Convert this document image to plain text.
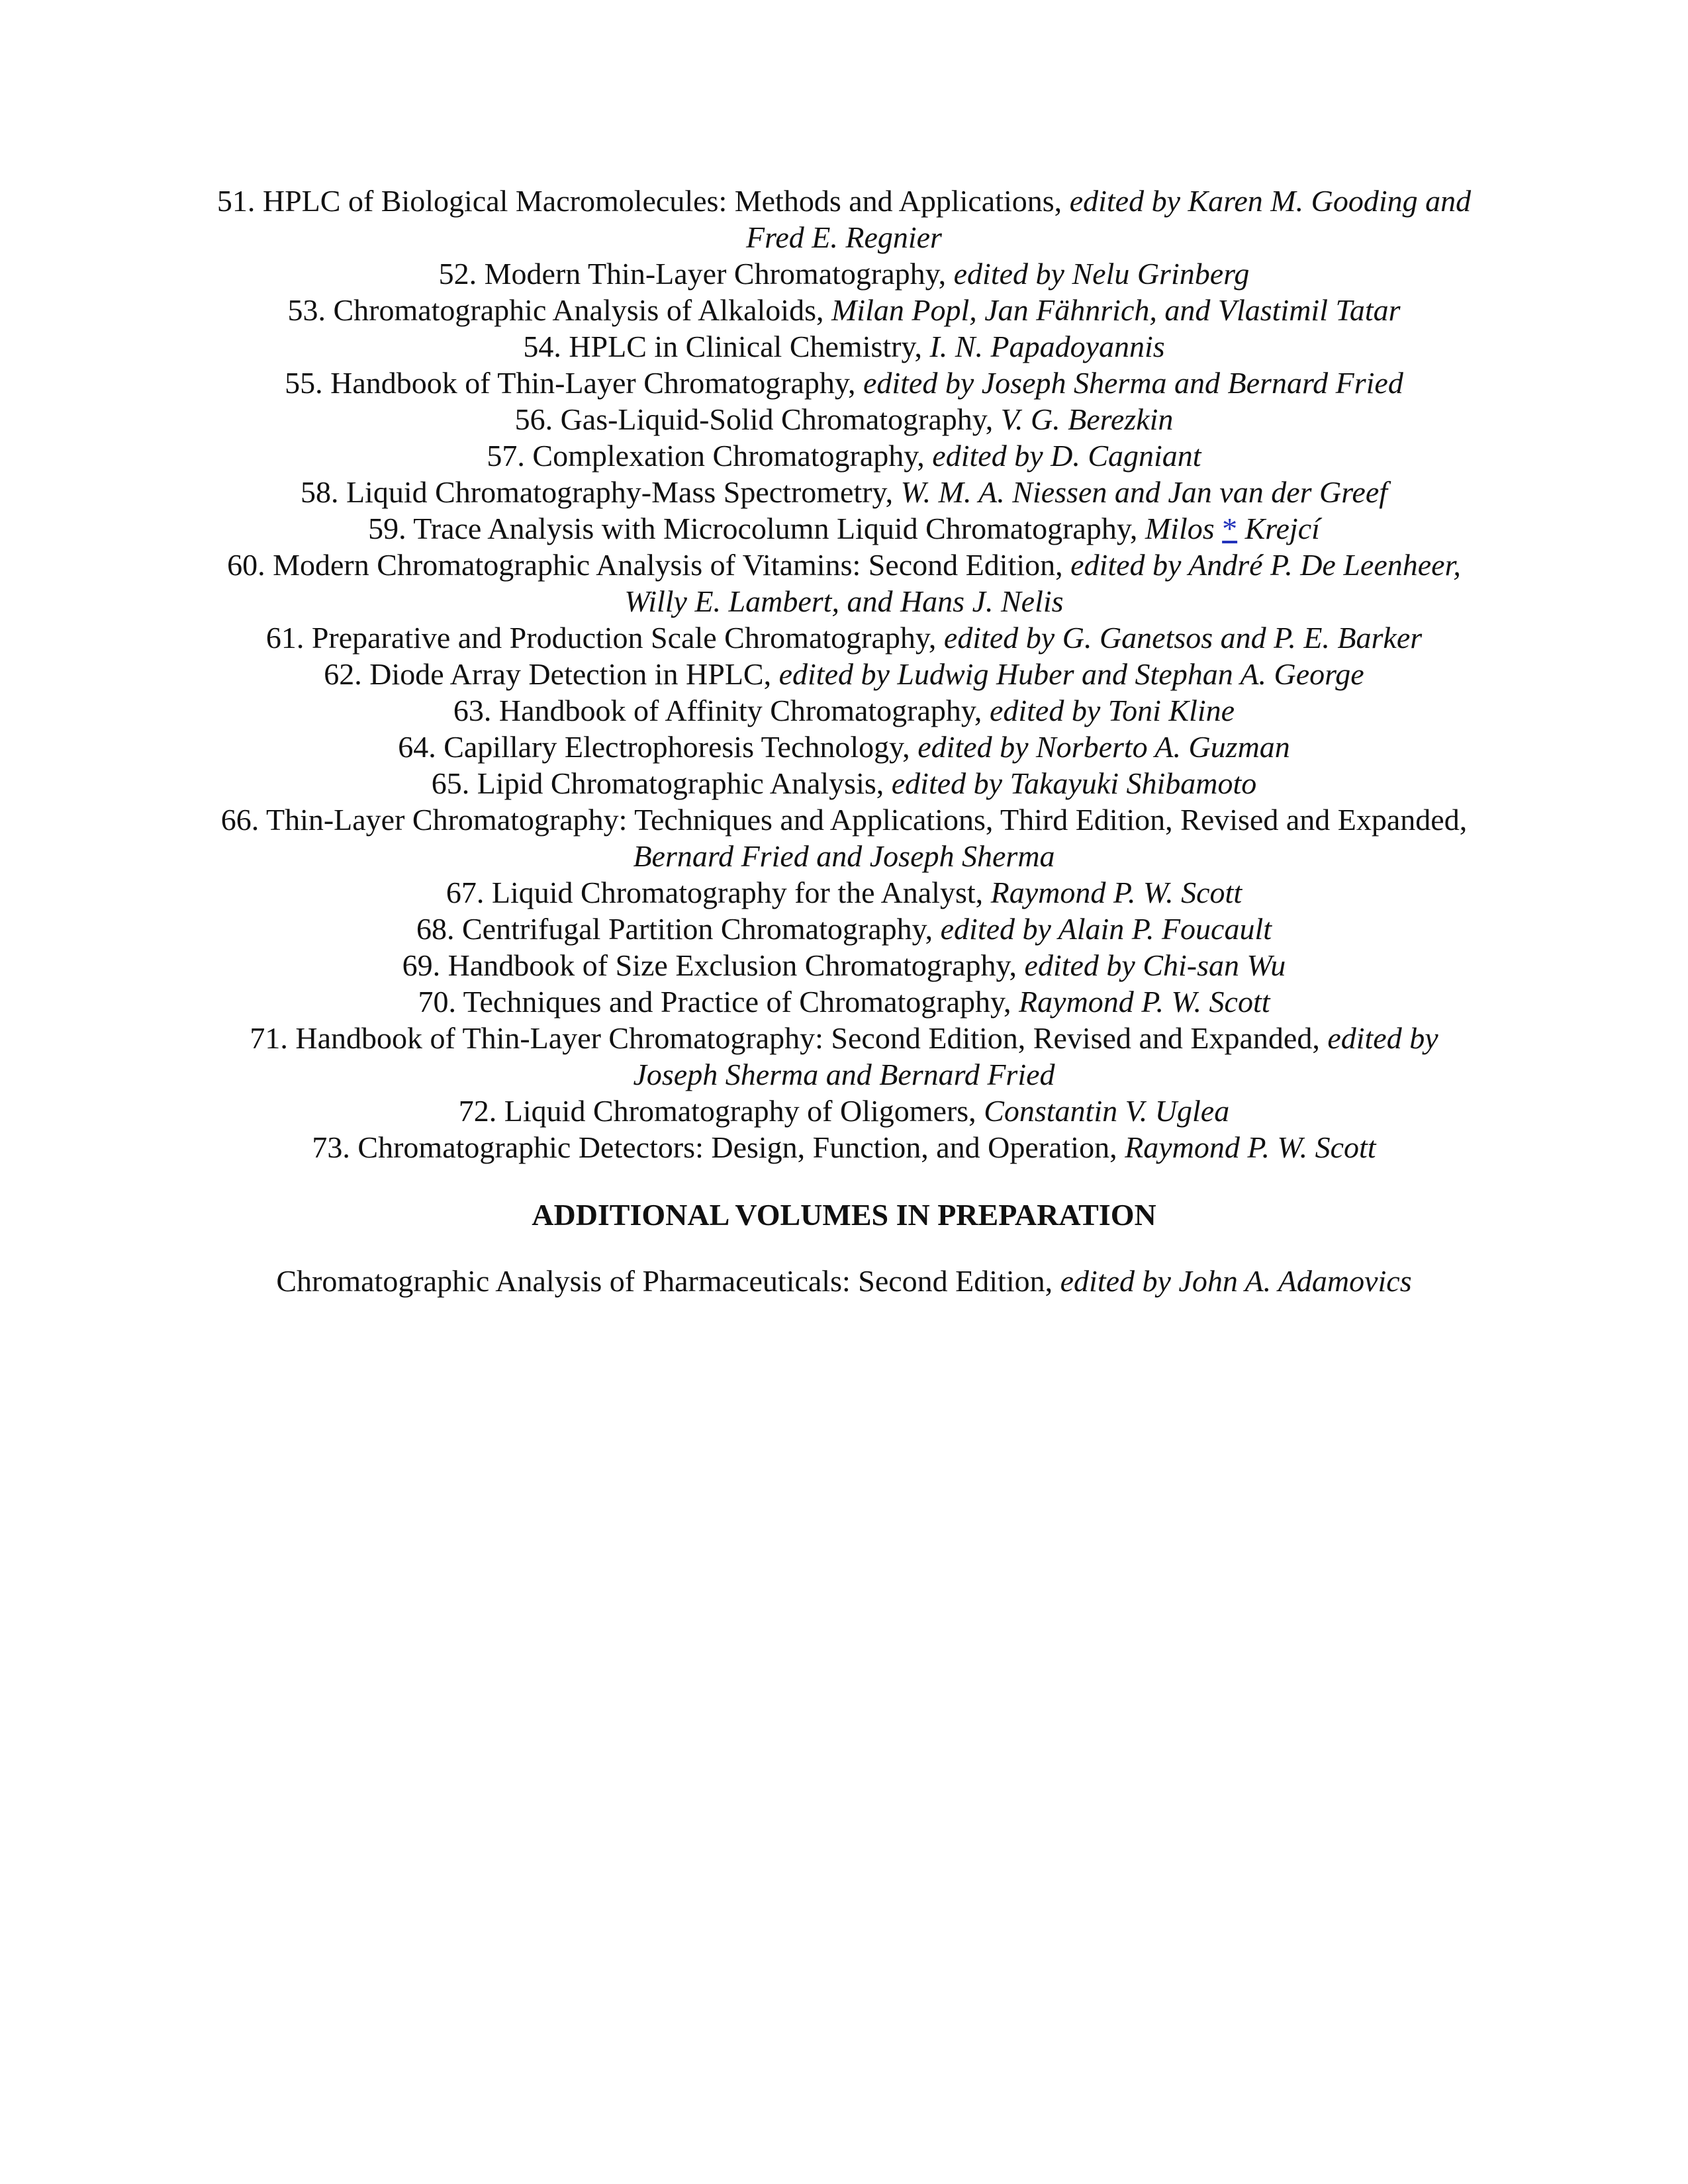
51. HPLC of Biological Macromolecules: Methods and Applications, edited by Karen M. Gooding and
Fred E. Regnier
52. Modern Thin-Layer Chromatography, edited by Nelu Grinberg
53. Chromatographic Analysis of Alkaloids, Milan Popl, Jan Fähnrich, and Vlastimil Tatar
54. HPLC in Clinical Chemistry, I. N. Papadoyannis
55. Handbook of Thin-Layer Chromatography, edited by Joseph Sherma and Bernard Fried
56. Gas-Liquid-Solid Chromatography, V. G. Berezkin
57. Complexation Chromatography, edited by D. Cagniant
58. Liquid Chromatography-Mass Spectrometry, W. M. A. Niessen and Jan van der Greef
59. Trace Analysis with Microcolumn Liquid Chromatography, Milos * Krejcí
60. Modern Chromatographic Analysis of Vitamins: Second Edition, edited by André P. De Leenheer,
Willy E. Lambert, and Hans J. Nelis
61. Preparative and Production Scale Chromatography, edited by G. Ganetsos and P. E. Barker
62. Diode Array Detection in HPLC, edited by Ludwig Huber and Stephan A. George
63. Handbook of Affinity Chromatography, edited by Toni Kline
64. Capillary Electrophoresis Technology, edited by Norberto A. Guzman
65. Lipid Chromatographic Analysis, edited by Takayuki Shibamoto
66. Thin-Layer Chromatography: Techniques and Applications, Third Edition, Revised and Expanded,
Bernard Fried and Joseph Sherma
67. Liquid Chromatography for the Analyst, Raymond P. W. Scott
68. Centrifugal Partition Chromatography, edited by Alain P. Foucault
69. Handbook of Size Exclusion Chromatography, edited by Chi-san Wu
70. Techniques and Practice of Chromatography, Raymond P. W. Scott
71. Handbook of Thin-Layer Chromatography: Second Edition, Revised and Expanded, edited by
Joseph Sherma and Bernard Fried
72. Liquid Chromatography of Oligomers, Constantin V. Uglea
73. Chromatographic Detectors: Design, Function, and Operation, Raymond P. W. Scott
ADDITIONAL VOLUMES IN PREPARATION
Chromatographic Analysis of Pharmaceuticals: Second Edition, edited by John A. Adamovics
